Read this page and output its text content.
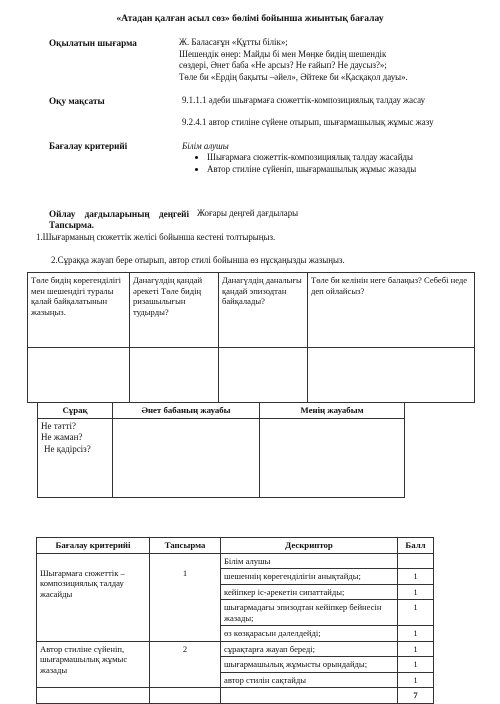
«Атадан қалған асыл сөз» бөлімі бойынша жиынтық бағалау
Оқылатын шығарма	Ж. Баласағұн «Құтты білік»;
Шешендік өнер: Майды бі мен Мөңке бидің шешендік
сөздері, Әнет баба «Не арсыз? Не ғайып? Не даусыз?»;
Төле би «Ердің бақыты –әйел», Әйтеке би «Қасқақол дауы».
Оқу мақсаты	9.1.1.1 әдеби шығармаға сюжеттік-композициялық талдау жасау
9.2.4.1 автор стиліне сүйене отырып, шығармашылық жұмыс жазу
Бағалау критерийі	Білім алушы
• Шығармаға сюжеттік-композициялық талдау жасайды
• Автор стиліне сүйеніп, шығармашылық жұмыс жазады
Ойлау дағдыларының деңгейі Жоғары деңгей дағдылары
Тапсырма.
1.Шығарманың сюжеттік желісі бойынша кестені толтырыңыз.
2.Сұраққа жауап бере отырып, автор стилі бойынша өз нұсқаңызды жазыңыз.
Төле бидің көрегенділігі мен шешендігі туралы қалай байқалатынын жазыңыз.	Данагүлдің қандай әрекеті Төле бидің ризашылығын тудырды?	Данагүлдің даналығы қандай эпизодтан байқалады?	Төле би келінін неге балаңыз? Себебі неде деп ойлайсыз?

Сұрақ	Әнет бабаның жауабы	Менің жауабым

Не тәтті?
Не жаман?
Не қадірсіз?		

Бағалау критерийі	Тапсырма	Дескриптор	Балл
Шығармаға сюжеттік – композициялық талдау жасайды	1	Білім алушы	
		шешеннің көрегенділігін анықтайды;	1
		кейіпкер іс-әрекетін сипаттайды;	1
		шығармадағы эпизодтан кейіпкер бейнесін жазады;	1
		өз көзқарасын дәлелдейді;	1
Автор стиліне сүйеніп, шығармашылық жұмыс жазады	2	сұрақтарға жауап береді;	1
		шығармашылық жұмысты орындайды;	1
		автор стилін сақтайды	1
			7
